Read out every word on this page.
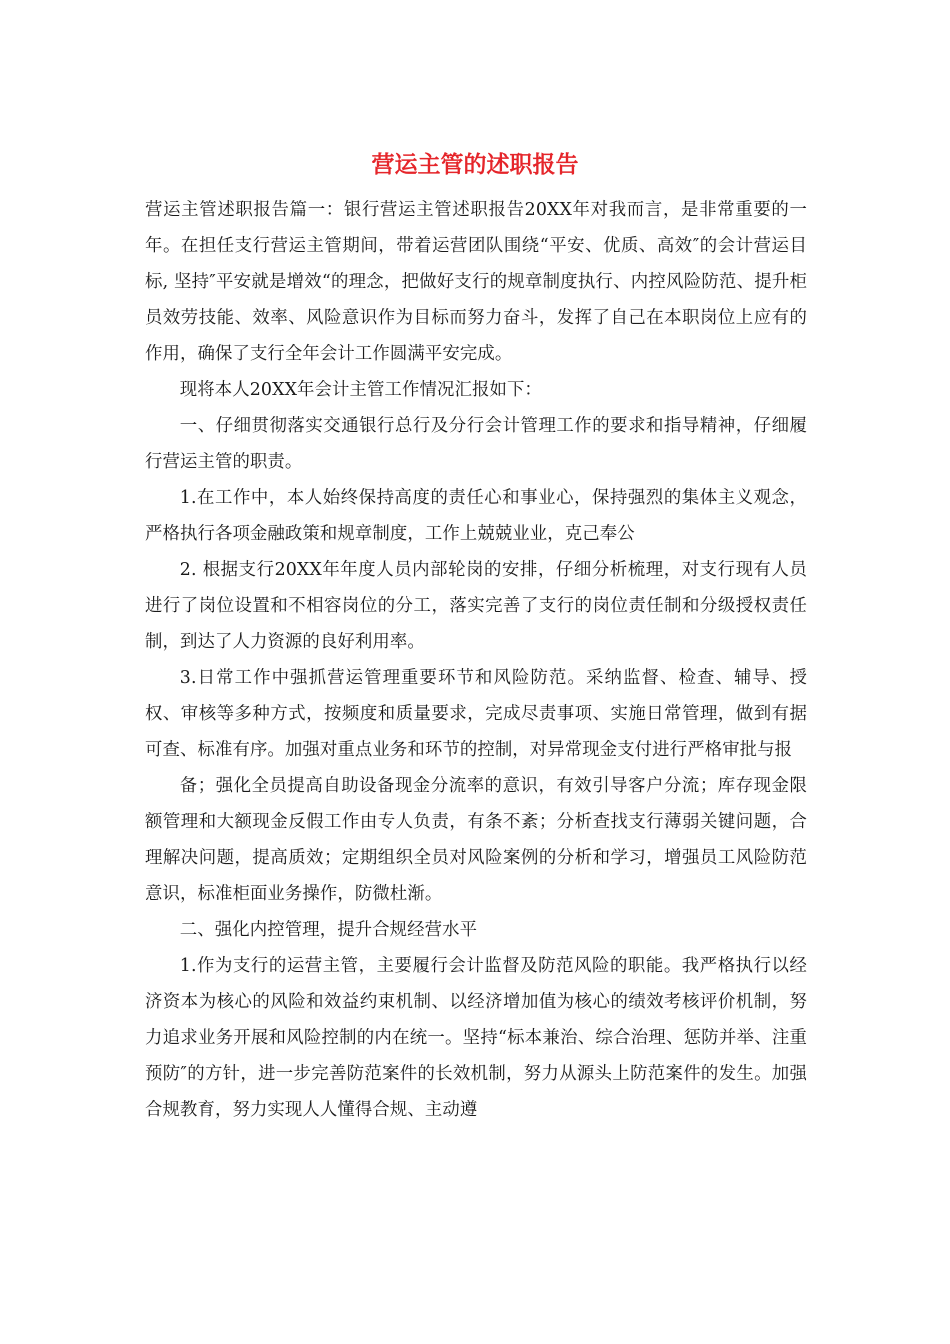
营运主管的述职报告

营运主管述职报告篇一：银行营运主管述职报告20XX年对我而言，是非常重要的一年。在担任支行营运主管期间，带着运营团队围绕“平安、优质、高效″的会计营运目标, 坚持″平安就是增效“的理念，把做好支行的规章制度执行、内控风险防范、提升柜员效劳技能、效率、风险意识作为目标而努力奋斗，发挥了自己在本职岗位上应有的作用，确保了支行全年会计工作圆满平安完成。

现将本人20XX年会计主管工作情况汇报如下：

一、仔细贯彻落实交通银行总行及分行会计管理工作的要求和指导精神，仔细履行营运主管的职责。

1.在工作中，本人始终保持高度的责任心和事业心，保持强烈的集体主义观念，严格执行各项金融政策和规章制度，工作上兢兢业业，克己奉公

2. 根据支行20XX年年度人员内部轮岗的安排，仔细分析梳理，对支行现有人员进行了岗位设置和不相容岗位的分工，落实完善了支行的岗位责任制和分级授权责任制，到达了人力资源的良好利用率。

3.日常工作中强抓营运管理重要环节和风险防范。采纳监督、检查、辅导、授权、审核等多种方式，按频度和质量要求，完成尽责事项、实施日常管理，做到有据可查、标准有序。加强对重点业务和环节的控制，对异常现金支付进行严格审批与报

备；强化全员提高自助设备现金分流率的意识，有效引导客户分流；库存现金限额管理和大额现金反假工作由专人负责，有条不紊；分析查找支行薄弱关键问题，合理解决问题，提高质效；定期组织全员对风险案例的分析和学习，增强员工风险防范意识，标准柜面业务操作，防微杜渐。

二、强化内控管理，提升合规经营水平

1.作为支行的运营主管，主要履行会计监督及防范风险的职能。我严格执行以经济资本为核心的风险和效益约束机制、以经济增加值为核心的绩效考核评价机制，努力追求业务开展和风险控制的内在统一。坚持“标本兼治、综合治理、惩防并举、注重预防″的方针，进一步完善防范案件的长效机制，努力从源头上防范案件的发生。加强合规教育，努力实现人人懂得合规、主动遵
